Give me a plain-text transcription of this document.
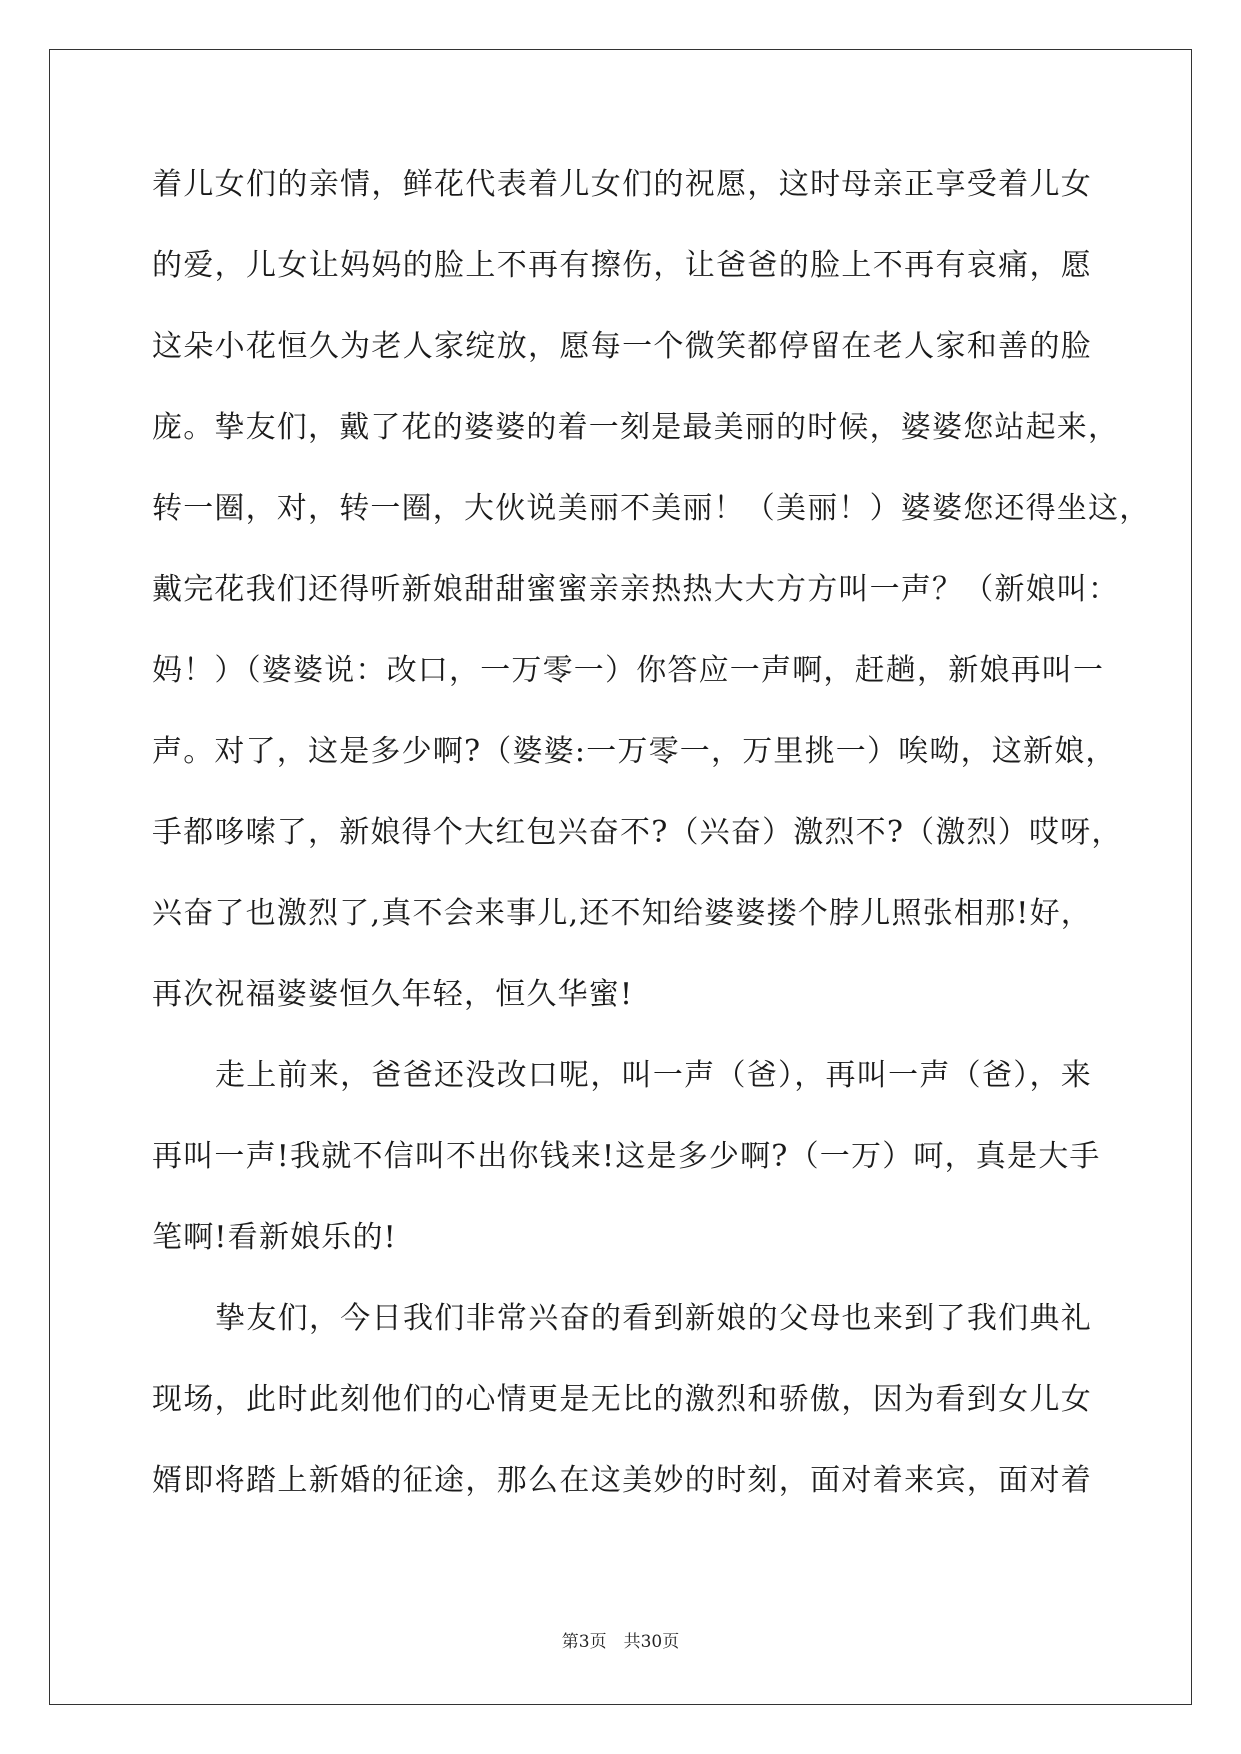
着儿女们的亲情，鲜花代表着儿女们的祝愿，这时母亲正享受着儿女
的爱，儿女让妈妈的脸上不再有擦伤，让爸爸的脸上不再有哀痛，愿
这朵小花恒久为老人家绽放，愿每一个微笑都停留在老人家和善的脸
庞。挚友们，戴了花的婆婆的着一刻是最美丽的时候，婆婆您站起来，
转一圈，对，转一圈，大伙说美丽不美丽！（美丽！）婆婆您还得坐这，
戴完花我们还得听新娘甜甜蜜蜜亲亲热热大大方方叫一声？（新娘叫：
妈！）（婆婆说：改口，一万零一）你答应一声啊，赶趟，新娘再叫一
声。对了，这是多少啊?（婆婆:一万零一，万里挑一）唉呦，这新娘，
手都哆嗦了，新娘得个大红包兴奋不?（兴奋）激烈不?（激烈）哎呀，
兴奋了也激烈了,真不会来事儿,还不知给婆婆搂个脖儿照张相那!好，
再次祝福婆婆恒久年轻，恒久华蜜!
走上前来，爸爸还没改口呢，叫一声（爸），再叫一声（爸），来
再叫一声!我就不信叫不出你钱来!这是多少啊?（一万）呵，真是大手
笔啊!看新娘乐的!
挚友们，今日我们非常兴奋的看到新娘的父母也来到了我们典礼
现场，此时此刻他们的心情更是无比的激烈和骄傲，因为看到女儿女
婿即将踏上新婚的征途，那么在这美妙的时刻，面对着来宾，面对着
第3页　共30页
